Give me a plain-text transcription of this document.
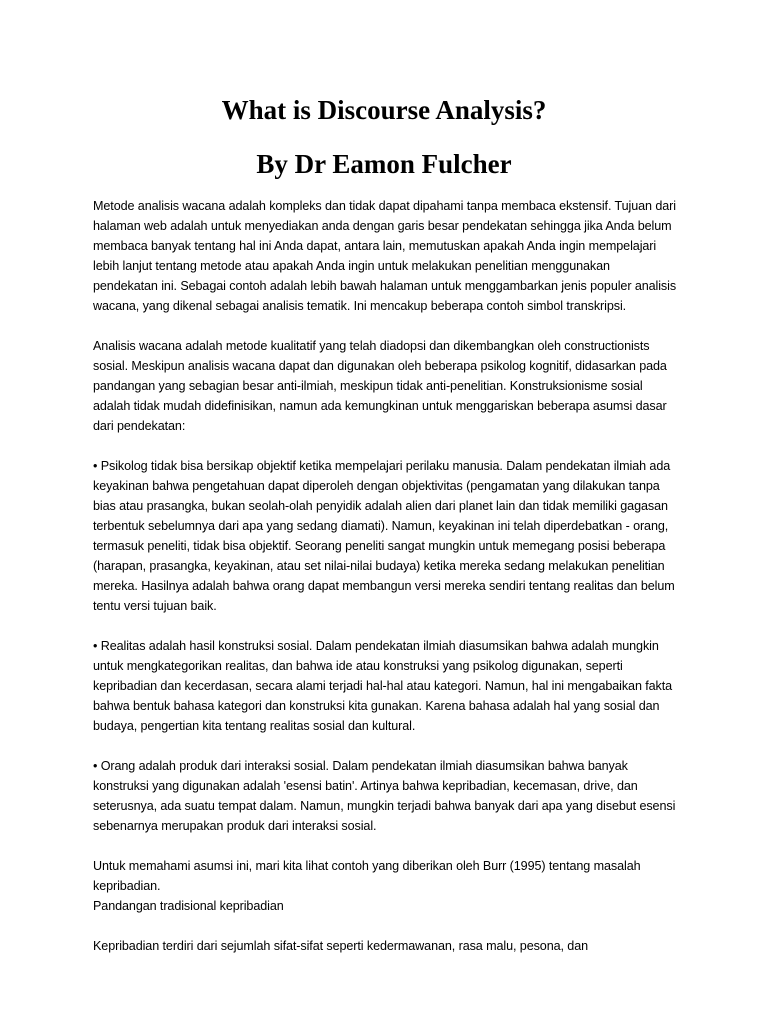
What is Discourse Analysis?
By Dr Eamon Fulcher

Metode analisis wacana adalah kompleks dan tidak dapat dipahami tanpa membaca ekstensif. Tujuan dari halaman web adalah untuk menyediakan anda dengan garis besar pendekatan sehingga jika Anda belum membaca banyak tentang hal ini Anda dapat, antara lain, memutuskan apakah Anda ingin mempelajari lebih lanjut tentang metode atau apakah Anda ingin untuk melakukan penelitian menggunakan pendekatan ini. Sebagai contoh adalah lebih bawah halaman untuk menggambarkan jenis populer analisis wacana, yang dikenal sebagai analisis tematik. Ini mencakup beberapa contoh simbol transkripsi.

Analisis wacana adalah metode kualitatif yang telah diadopsi dan dikembangkan oleh constructionists sosial. Meskipun analisis wacana dapat dan digunakan oleh beberapa psikolog kognitif, didasarkan pada pandangan yang sebagian besar anti-ilmiah, meskipun tidak anti-penelitian. Konstruksionisme sosial adalah tidak mudah didefinisikan, namun ada kemungkinan untuk menggariskan beberapa asumsi dasar dari pendekatan:

• Psikolog tidak bisa bersikap objektif ketika mempelajari perilaku manusia. Dalam pendekatan ilmiah ada keyakinan bahwa pengetahuan dapat diperoleh dengan objektivitas (pengamatan yang dilakukan tanpa bias atau prasangka, bukan seolah-olah penyidik adalah alien dari planet lain dan tidak memiliki gagasan terbentuk sebelumnya dari apa yang sedang diamati). Namun, keyakinan ini telah diperdebatkan - orang, termasuk peneliti, tidak bisa objektif. Seorang peneliti sangat mungkin untuk memegang posisi beberapa (harapan, prasangka, keyakinan, atau set nilai-nilai budaya) ketika mereka sedang melakukan penelitian mereka. Hasilnya adalah bahwa orang dapat membangun versi mereka sendiri tentang realitas dan belum tentu versi tujuan baik.

• Realitas adalah hasil konstruksi sosial. Dalam pendekatan ilmiah diasumsikan bahwa adalah mungkin untuk mengkategorikan realitas, dan bahwa ide atau konstruksi yang psikolog digunakan, seperti kepribadian dan kecerdasan, secara alami terjadi hal-hal atau kategori. Namun, hal ini mengabaikan fakta bahwa bentuk bahasa kategori dan konstruksi kita gunakan. Karena bahasa adalah hal yang sosial dan budaya, pengertian kita tentang realitas sosial dan kultural.

• Orang adalah produk dari interaksi sosial. Dalam pendekatan ilmiah diasumsikan bahwa banyak konstruksi yang digunakan adalah 'esensi batin'. Artinya bahwa kepribadian, kecemasan, drive, dan seterusnya, ada suatu tempat dalam. Namun, mungkin terjadi bahwa banyak dari apa yang disebut esensi sebenarnya merupakan produk dari interaksi sosial.

Untuk memahami asumsi ini, mari kita lihat contoh yang diberikan oleh Burr (1995) tentang masalah kepribadian.

Pandangan tradisional kepribadian

Kepribadian terdiri dari sejumlah sifat-sifat seperti kedermawanan, rasa malu, pesona, dan
